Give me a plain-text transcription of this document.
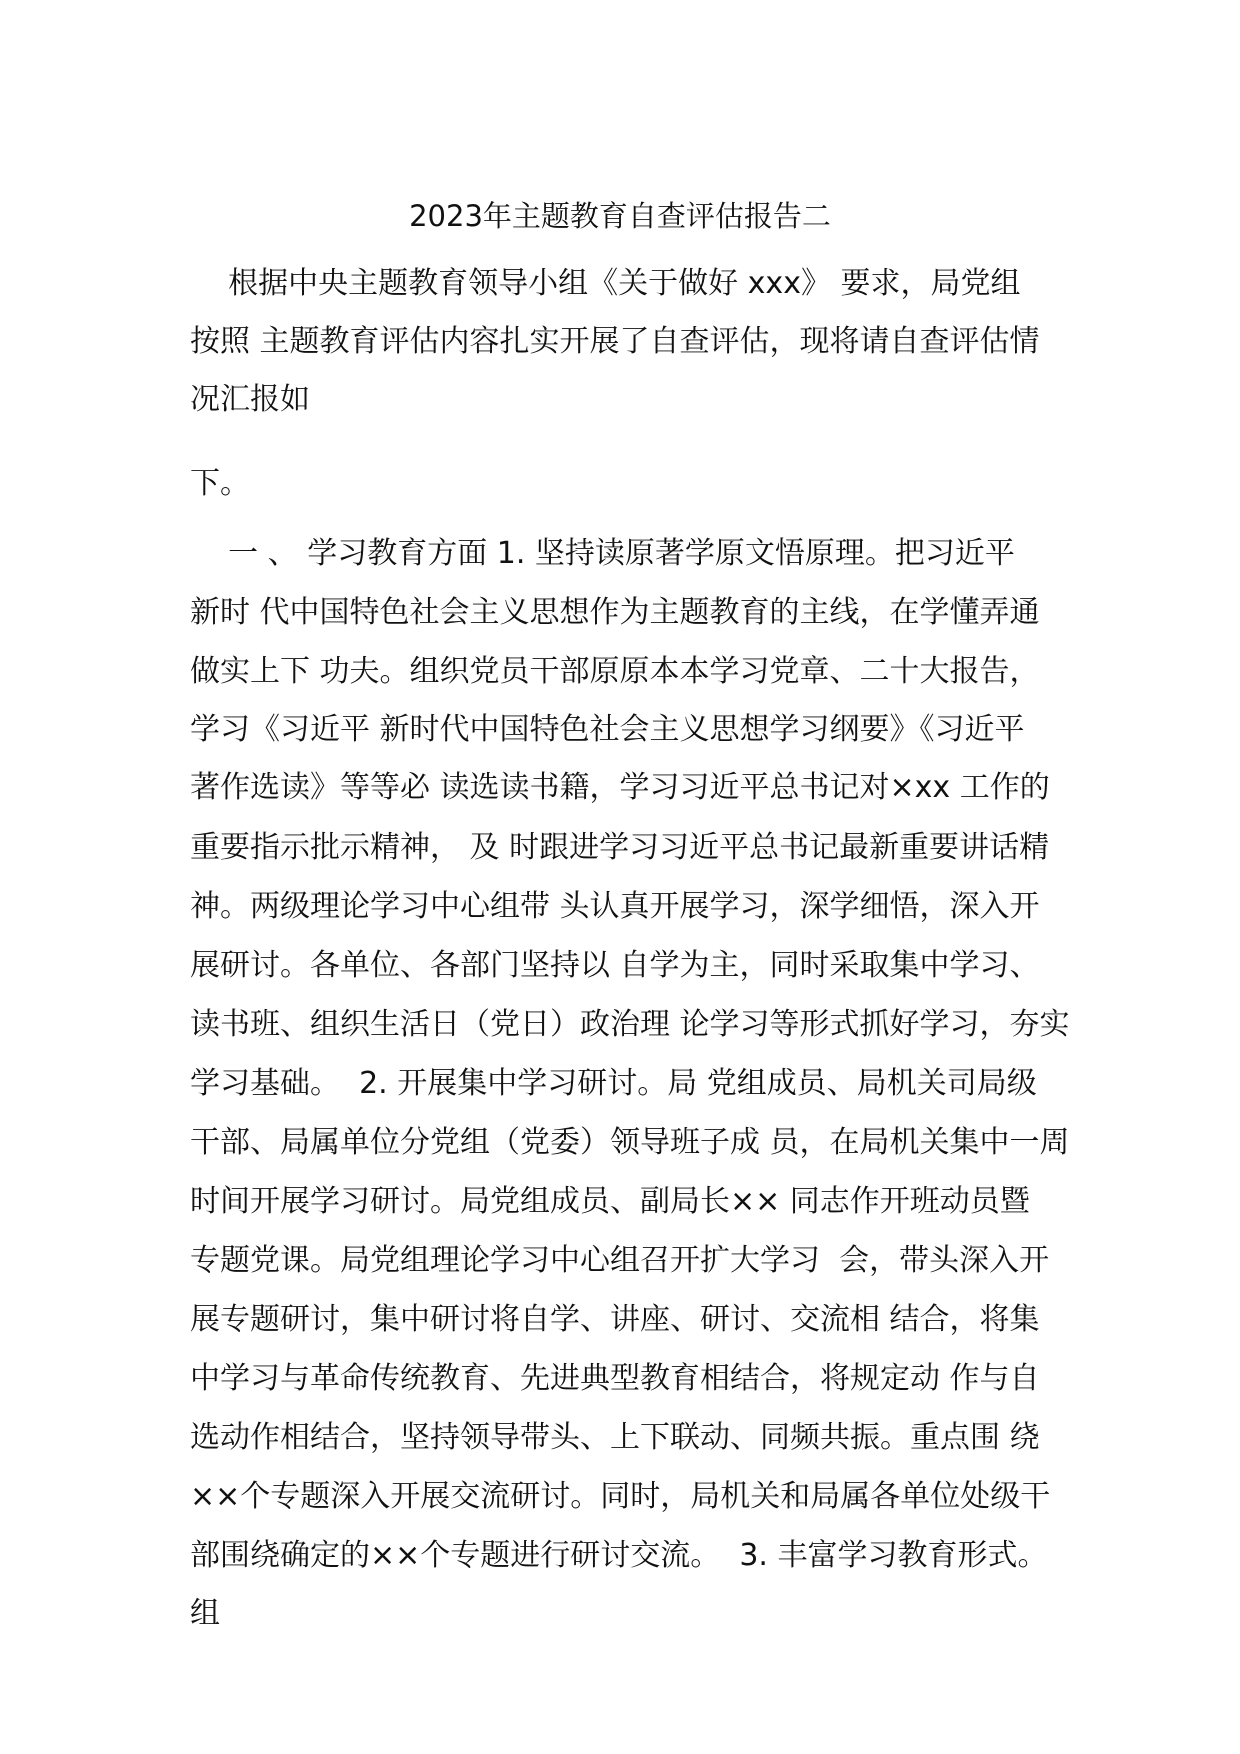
2023年主题教育自查评估报告二
根据中央主题教育领导小组《关于做好 xxx》 要求，局党组
按照 主题教育评估内容扎实开展了自查评估，现将请自查评估情
况汇报如
下。
一 、 学习教育方面 1. 坚持读原著学原文悟原理。把习近平
新时 代中国特色社会主义思想作为主题教育的主线，在学懂弄通
做实上下 功夫。组织党员干部原原本本学习党章、二十大报告，
学习《习近平 新时代中国特色社会主义思想学习纲要》《习近平
著作选读》等等必 读选读书籍，学习习近平总书记对×xx 工作的
重要指示批示精神， 及 时跟进学习习近平总书记最新重要讲话精
神。两级理论学习中心组带 头认真开展学习，深学细悟，深入开
展研讨。各单位、各部门坚持以 自学为主，同时采取集中学习、
读书班、组织生活日（党日）政治理 论学习等形式抓好学习，夯实
学习基础。  2. 开展集中学习研讨。局 党组成员、局机关司局级
干部、局属单位分党组（党委）领导班子成 员，在局机关集中一周
时间开展学习研讨。局党组成员、副局长×× 同志作开班动员暨
专题党课。局党组理论学习中心组召开扩大学习  会，带头深入开
展专题研讨，集中研讨将自学、讲座、研讨、交流相 结合，将集
中学习与革命传统教育、先进典型教育相结合，将规定动 作与自
选动作相结合，坚持领导带头、上下联动、同频共振。重点围 绕
××个专题深入开展交流研讨。同时，局机关和局属各单位处级干
部围绕确定的××个专题进行研讨交流。  3. 丰富学习教育形式。
组
